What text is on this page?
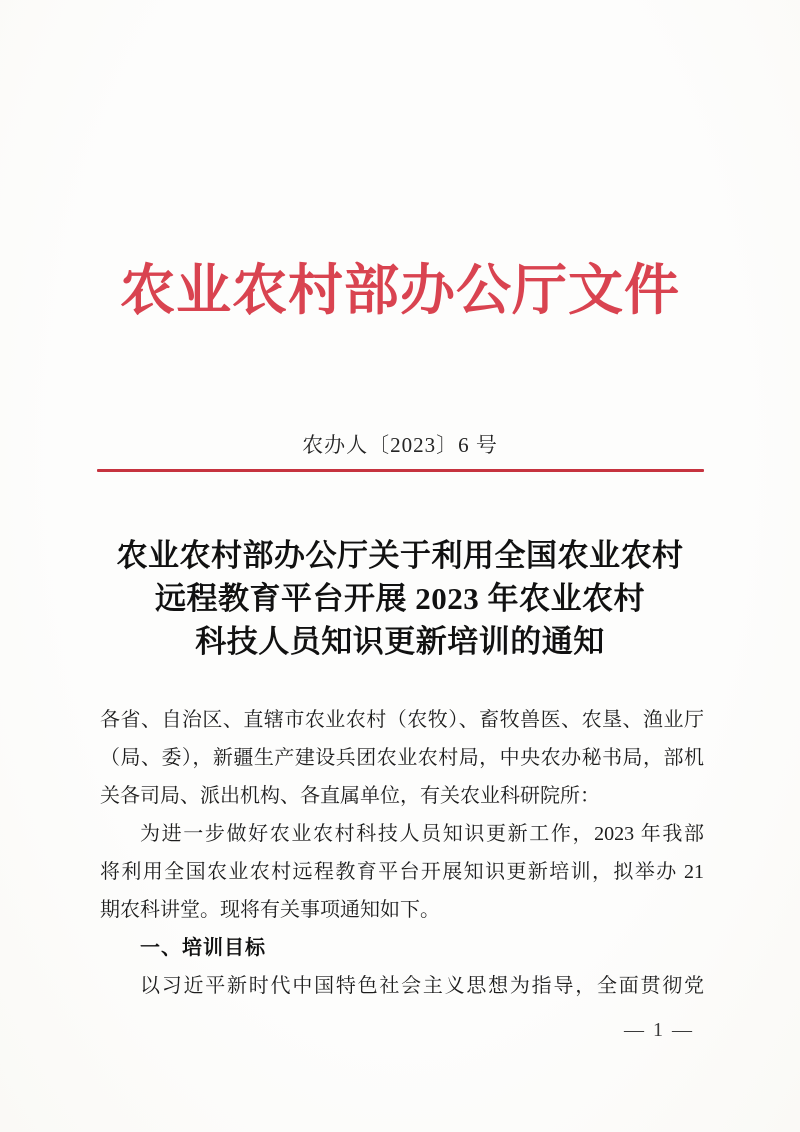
农业农村部办公厅文件
农办人〔2023〕6 号
农业农村部办公厅关于利用全国农业农村
远程教育平台开展 2023 年农业农村
科技人员知识更新培训的通知
各省、自治区、直辖市农业农村（农牧）、畜牧兽医、农垦、渔业厅
（局、委），新疆生产建设兵团农业农村局，中央农办秘书局，部机
关各司局、派出机构、各直属单位，有关农业科研院所：
为进一步做好农业农村科技人员知识更新工作，2023 年我部
将利用全国农业农村远程教育平台开展知识更新培训，拟举办 21
期农科讲堂。现将有关事项通知如下。
一、培训目标
以习近平新时代中国特色社会主义思想为指导，全面贯彻党
— 1 —
